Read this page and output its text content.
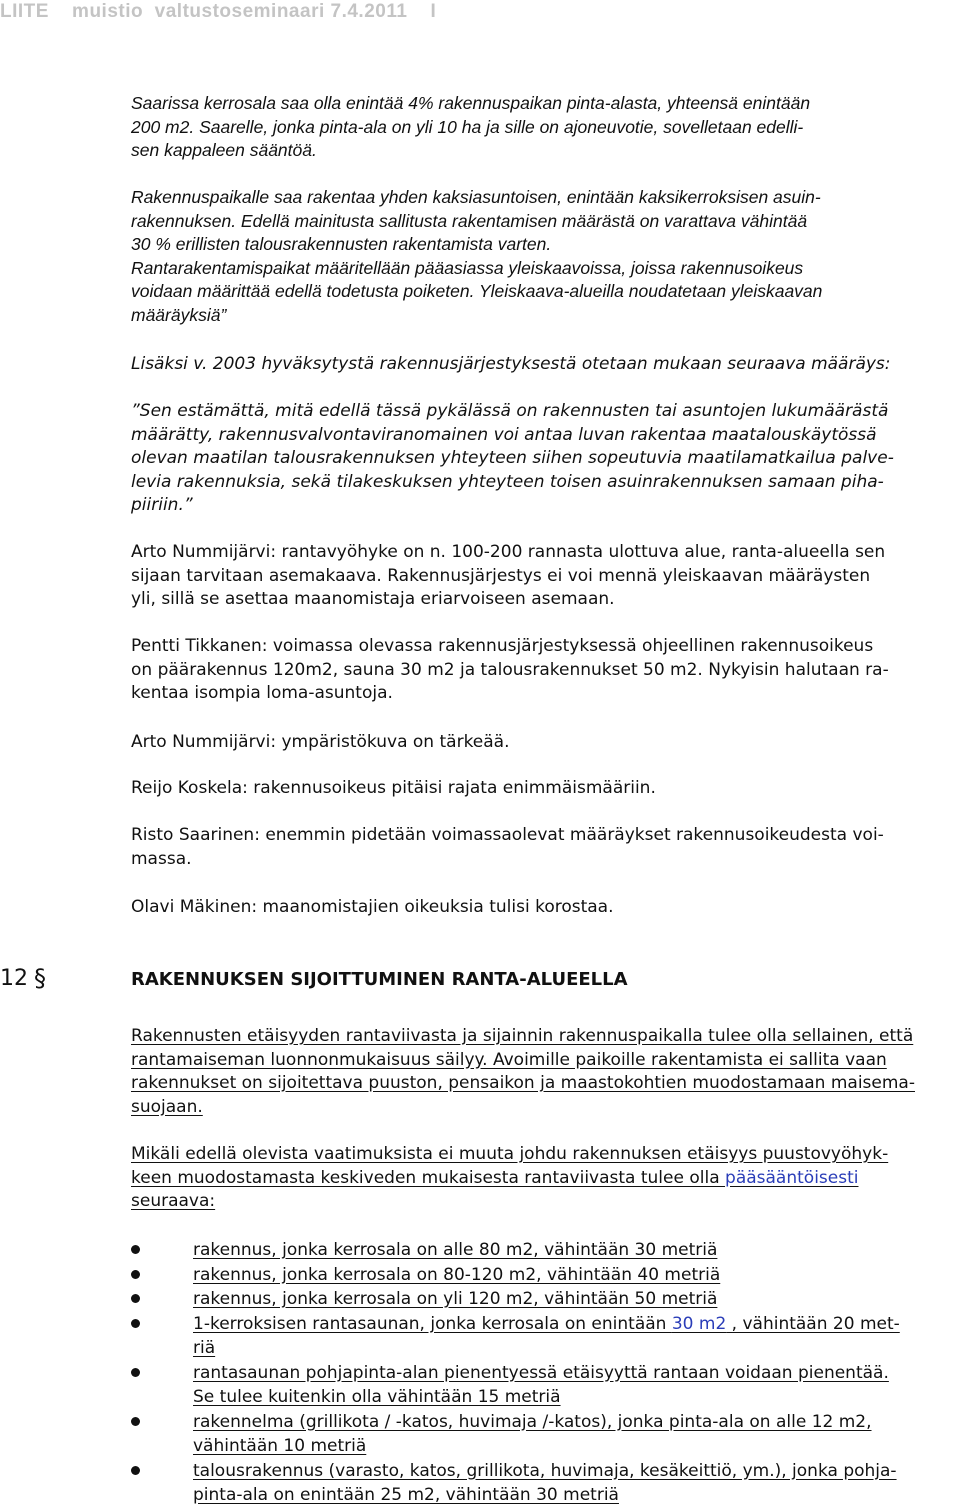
LIITE    muistio  valtustoseminaari 7.4.2011    I
Saarissa kerrosala saa olla enintää 4% rakennuspaikan pinta-alasta, yhteensä enintään
200 m2. Saarelle, jonka pinta-ala on yli 10 ha ja sille on ajoneuvotie, sovelletaan edelli-
sen kappaleen sääntöä.
Rakennuspaikalle saa rakentaa yhden kaksiasuntoisen, enintään kaksikerroksisen asuin-
rakennuksen. Edellä mainitusta sallitusta rakentamisen määrästä on varattava vähintää
30 % erillisten talousrakennusten rakentamista varten.
Rantarakentamispaikat määritellään pääasiassa yleiskaavoissa, joissa rakennusoikeus
voidaan määrittää edellä todetusta poiketen. Yleiskaava-alueilla noudatetaan yleiskaavan
määräyksiä”
Lisäksi v. 2003 hyväksytystä rakennusjärjestyksestä otetaan mukaan seuraava määräys:
”Sen estämättä, mitä edellä tässä pykälässä on rakennusten tai asuntojen lukumäärästä
määrätty, rakennusvalvontaviranomainen voi antaa luvan rakentaa maatalouskäytössä
olevan maatilan talousrakennuksen yhteyteen siihen sopeutuvia maatilamatkailua palve-
levia rakennuksia, sekä tilakeskuksen yhteyteen toisen asuinrakennuksen samaan piha-
piiriin.”
Arto Nummijärvi: rantavyöhyke on n. 100-200 rannasta ulottuva alue, ranta-alueella sen
sijaan tarvitaan asemakaava. Rakennusjärjestys ei voi mennä yleiskaavan määräysten
yli, sillä se asettaa maanomistaja eriarvoiseen asemaan.
Pentti Tikkanen: voimassa olevassa rakennusjärjestyksessä ohjeellinen rakennusoikeus
on päärakennus 120m2, sauna 30 m2 ja talousrakennukset 50 m2. Nykyisin halutaan ra-
kentaa isompia loma-asuntoja.
Arto Nummijärvi: ympäristökuva on tärkeää.
Reijo Koskela: rakennusoikeus pitäisi rajata enimmäismääriin.
Risto Saarinen: enemmin pidetään voimassaolevat määräykset rakennusoikeudesta voi-
massa.
Olavi Mäkinen: maanomistajien oikeuksia tulisi korostaa.
12 §	RAKENNUKSEN SIJOITTUMINEN RANTA-ALUEELLA
Rakennusten etäisyyden rantaviivasta ja sijainnin rakennuspaikalla tulee olla sellainen, että
rantamaiseman luonnonmukaisuus säilyy. Avoimille paikoille rakentamista ei sallita vaan
rakennukset on sijoitettava puuston, pensaikon ja maastokohtien muodostamaan maisema-
suojaan.
Mikäli edellä olevista vaatimuksista ei muuta johdu rakennuksen etäisyys puustovyöhyk-
keen muodostamasta keskiveden mukaisesta rantaviivasta tulee olla pääsääntöisesti
seuraava:
rakennus, jonka kerrosala on alle 80 m2, vähintään 30 metriä
rakennus, jonka kerrosala on 80-120 m2, vähintään 40 metriä
rakennus, jonka kerrosala on yli 120 m2, vähintään 50 metriä
1-kerroksisen rantasaunan, jonka kerrosala on enintään 30 m2 , vähintään 20 met-
riä
rantasaunan pohjapinta-alan pienentyessä etäisyyttä rantaan voidaan pienentää.
Se tulee kuitenkin olla vähintään 15 metriä
rakennelma (grillikota / -katos, huvimaja /-katos), jonka pinta-ala on alle 12 m2,
vähintään 10 metriä
talousrakennus (varasto, katos, grillikota, huvimaja, kesäkeittiö, ym.), jonka pohja-
pinta-ala on enintään 25 m2, vähintään 30 metriä
